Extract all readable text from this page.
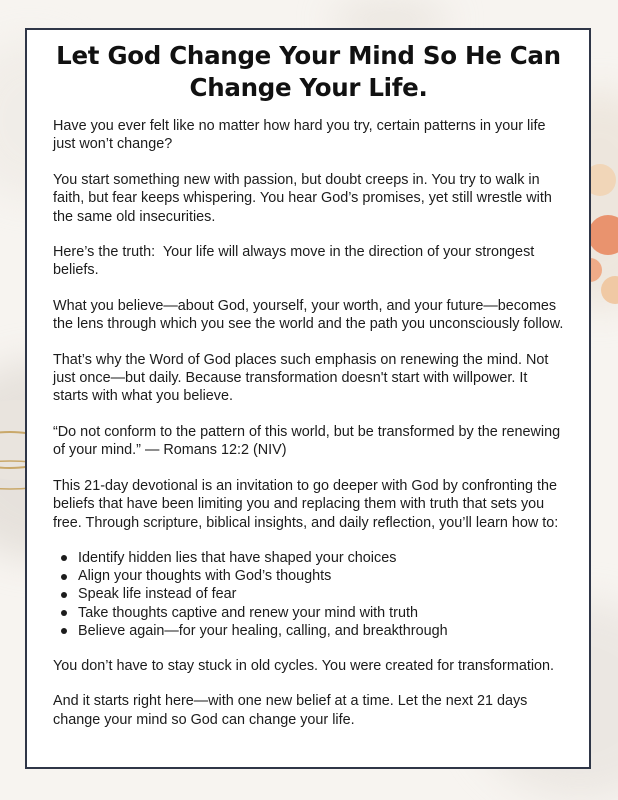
Let God Change Your Mind So He Can
Change Your Life.

Have you ever felt like no matter how hard you try, certain patterns in your life just won’t change?

You start something new with passion, but doubt creeps in. You try to walk in faith, but fear keeps whispering. You hear God’s promises, yet still wrestle with the same old insecurities.

Here’s the truth:  Your life will always move in the direction of your strongest beliefs.

What you believe—about God, yourself, your worth, and your future—becomes the lens through which you see the world and the path you unconsciously follow.

That’s why the Word of God places such emphasis on renewing the mind. Not just once—but daily. Because transformation doesn't start with willpower. It starts with what you believe.

“Do not conform to the pattern of this world, but be transformed by the renewing of your mind.” — Romans 12:2 (NIV)

This 21-day devotional is an invitation to go deeper with God by confronting the beliefs that have been limiting you and replacing them with truth that sets you free. Through scripture, biblical insights, and daily reflection, you’ll learn how to:

Identify hidden lies that have shaped your choices
Align your thoughts with God’s thoughts
Speak life instead of fear
Take thoughts captive and renew your mind with truth
Believe again—for your healing, calling, and breakthrough

You don’t have to stay stuck in old cycles. You were created for transformation.

And it starts right here—with one new belief at a time. Let the next 21 days change your mind so God can change your life.
